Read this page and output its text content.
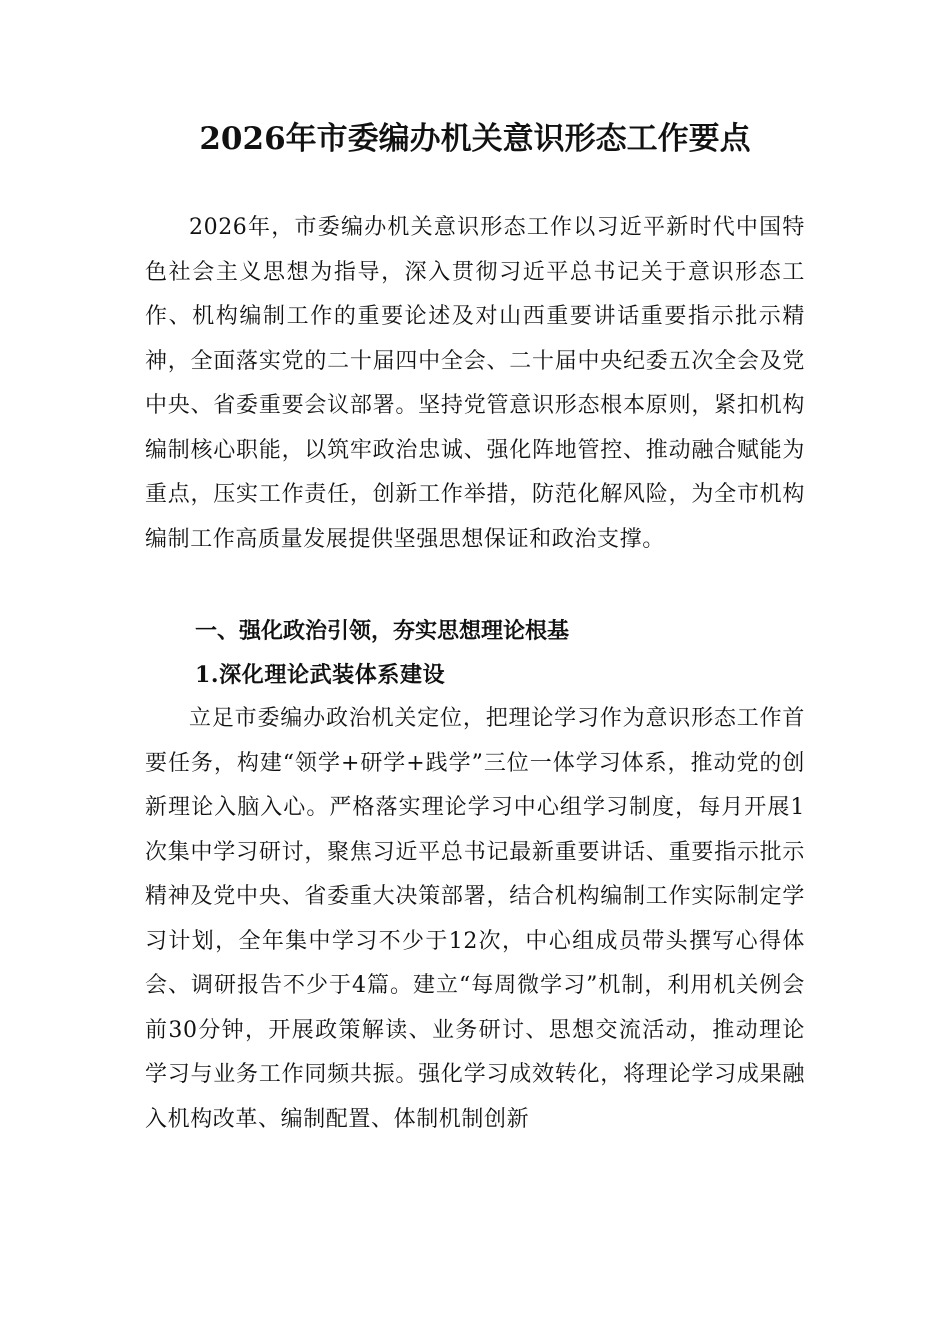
2026年市委编办机关意识形态工作要点

2026年，市委编办机关意识形态工作以习近平新时代中国特色社会主义思想为指导，深入贯彻习近平总书记关于意识形态工作、机构编制工作的重要论述及对山西重要讲话重要指示批示精神，全面落实党的二十届四中全会、二十届中央纪委五次全会及党中央、省委重要会议部署。坚持党管意识形态根本原则，紧扣机构编制核心职能，以筑牢政治忠诚、强化阵地管控、推动融合赋能为重点，压实工作责任，创新工作举措，防范化解风险，为全市机构编制工作高质量发展提供坚强思想保证和政治支撑。

一、强化政治引领，夯实思想理论根基
1.深化理论武装体系建设

立足市委编办政治机关定位，把理论学习作为意识形态工作首要任务，构建“领学+研学+践学”三位一体学习体系，推动党的创新理论入脑入心。严格落实理论学习中心组学习制度，每月开展1次集中学习研讨，聚焦习近平总书记最新重要讲话、重要指示批示精神及党中央、省委重大决策部署，结合机构编制工作实际制定学习计划，全年集中学习不少于12次，中心组成员带头撰写心得体会、调研报告不少于4篇。建立“每周微学习”机制，利用机关例会前30分钟，开展政策解读、业务研讨、思想交流活动，推动理论学习与业务工作同频共振。强化学习成效转化，将理论学习成果融入机构改革、编制配置、体制机制创新
